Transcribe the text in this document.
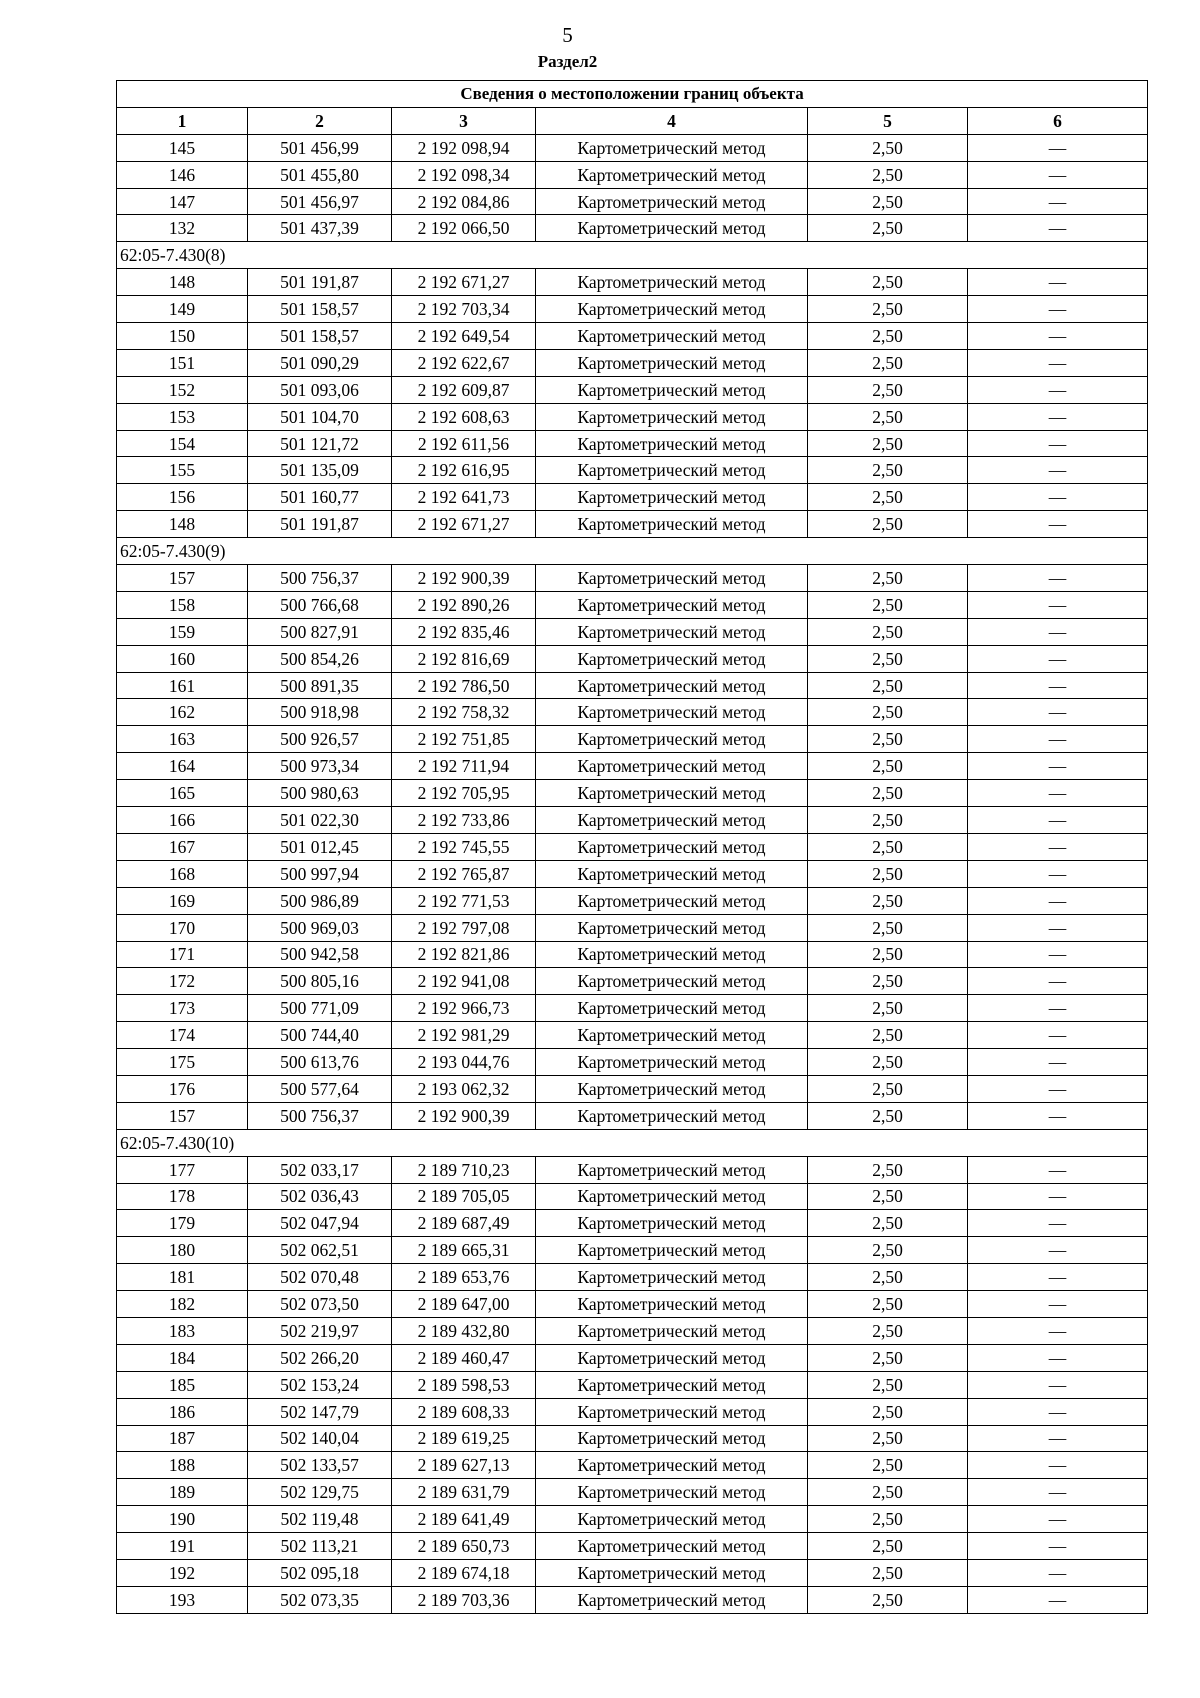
5
Раздел2
Сведения о местоположении границ объекта					
1	2	3	4	5	6
145	501 456,99	2 192 098,94	Картометрический метод	2,50	—
146	501 455,80	2 192 098,34	Картометрический метод	2,50	—
147	501 456,97	2 192 084,86	Картометрический метод	2,50	—
132	501 437,39	2 192 066,50	Картометрический метод	2,50	—
62:05-7.430(8)					
148	501 191,87	2 192 671,27	Картометрический метод	2,50	—
149	501 158,57	2 192 703,34	Картометрический метод	2,50	—
150	501 158,57	2 192 649,54	Картометрический метод	2,50	—
151	501 090,29	2 192 622,67	Картометрический метод	2,50	—
152	501 093,06	2 192 609,87	Картометрический метод	2,50	—
153	501 104,70	2 192 608,63	Картометрический метод	2,50	—
154	501 121,72	2 192 611,56	Картометрический метод	2,50	—
155	501 135,09	2 192 616,95	Картометрический метод	2,50	—
156	501 160,77	2 192 641,73	Картометрический метод	2,50	—
148	501 191,87	2 192 671,27	Картометрический метод	2,50	—
62:05-7.430(9)					
157	500 756,37	2 192 900,39	Картометрический метод	2,50	—
158	500 766,68	2 192 890,26	Картометрический метод	2,50	—
159	500 827,91	2 192 835,46	Картометрический метод	2,50	—
160	500 854,26	2 192 816,69	Картометрический метод	2,50	—
161	500 891,35	2 192 786,50	Картометрический метод	2,50	—
162	500 918,98	2 192 758,32	Картометрический метод	2,50	—
163	500 926,57	2 192 751,85	Картометрический метод	2,50	—
164	500 973,34	2 192 711,94	Картометрический метод	2,50	—
165	500 980,63	2 192 705,95	Картометрический метод	2,50	—
166	501 022,30	2 192 733,86	Картометрический метод	2,50	—
167	501 012,45	2 192 745,55	Картометрический метод	2,50	—
168	500 997,94	2 192 765,87	Картометрический метод	2,50	—
169	500 986,89	2 192 771,53	Картометрический метод	2,50	—
170	500 969,03	2 192 797,08	Картометрический метод	2,50	—
171	500 942,58	2 192 821,86	Картометрический метод	2,50	—
172	500 805,16	2 192 941,08	Картометрический метод	2,50	—
173	500 771,09	2 192 966,73	Картометрический метод	2,50	—
174	500 744,40	2 192 981,29	Картометрический метод	2,50	—
175	500 613,76	2 193 044,76	Картометрический метод	2,50	—
176	500 577,64	2 193 062,32	Картометрический метод	2,50	—
157	500 756,37	2 192 900,39	Картометрический метод	2,50	—
62:05-7.430(10)					
177	502 033,17	2 189 710,23	Картометрический метод	2,50	—
178	502 036,43	2 189 705,05	Картометрический метод	2,50	—
179	502 047,94	2 189 687,49	Картометрический метод	2,50	—
180	502 062,51	2 189 665,31	Картометрический метод	2,50	—
181	502 070,48	2 189 653,76	Картометрический метод	2,50	—
182	502 073,50	2 189 647,00	Картометрический метод	2,50	—
183	502 219,97	2 189 432,80	Картометрический метод	2,50	—
184	502 266,20	2 189 460,47	Картометрический метод	2,50	—
185	502 153,24	2 189 598,53	Картометрический метод	2,50	—
186	502 147,79	2 189 608,33	Картометрический метод	2,50	—
187	502 140,04	2 189 619,25	Картометрический метод	2,50	—
188	502 133,57	2 189 627,13	Картометрический метод	2,50	—
189	502 129,75	2 189 631,79	Картометрический метод	2,50	—
190	502 119,48	2 189 641,49	Картометрический метод	2,50	—
191	502 113,21	2 189 650,73	Картометрический метод	2,50	—
192	502 095,18	2 189 674,18	Картометрический метод	2,50	—
193	502 073,35	2 189 703,36	Картометрический метод	2,50	—
